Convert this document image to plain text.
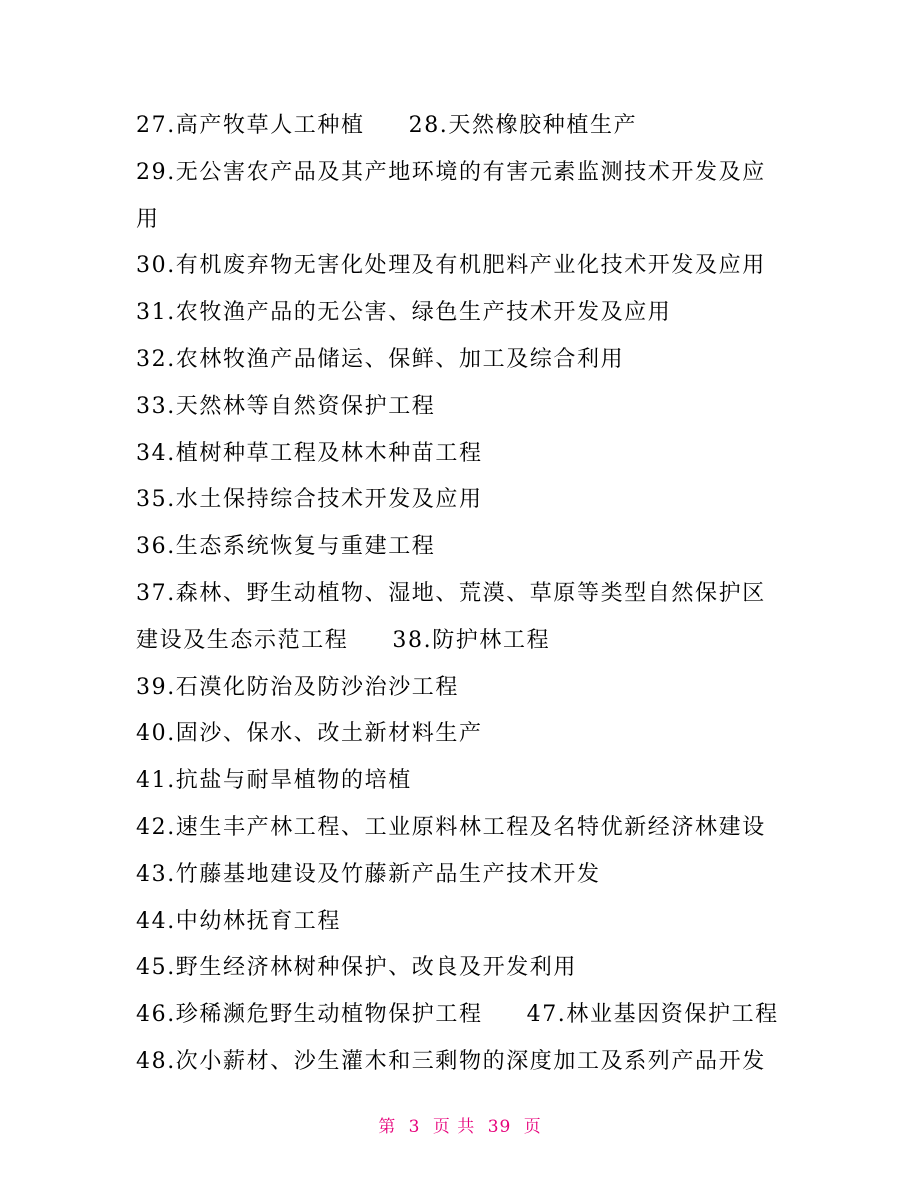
27.高产牧草人工种植 28.天然橡胶种植生产
29.无公害农产品及其产地环境的有害元素监测技术开发及应
用
30.有机废弃物无害化处理及有机肥料产业化技术开发及应用
31.农牧渔产品的无公害、绿色生产技术开发及应用
32.农林牧渔产品储运、保鲜、加工及综合利用
33.天然林等自然资保护工程
34.植树种草工程及林木种苗工程
35.水土保持综合技术开发及应用
36.生态系统恢复与重建工程
37.森林、野生动植物、湿地、荒漠、草原等类型自然保护区
建设及生态示范工程 38.防护林工程
39.石漠化防治及防沙治沙工程
40.固沙、保水、改土新材料生产
41.抗盐与耐旱植物的培植
42.速生丰产林工程、工业原料林工程及名特优新经济林建设
43.竹藤基地建设及竹藤新产品生产技术开发
44.中幼林抚育工程
45.野生经济林树种保护、改良及开发利用
46.珍稀濒危野生动植物保护工程 47.林业基因资保护工程
48.次小薪材、沙生灌木和三剩物的深度加工及系列产品开发
第 3 页 共 39 页
